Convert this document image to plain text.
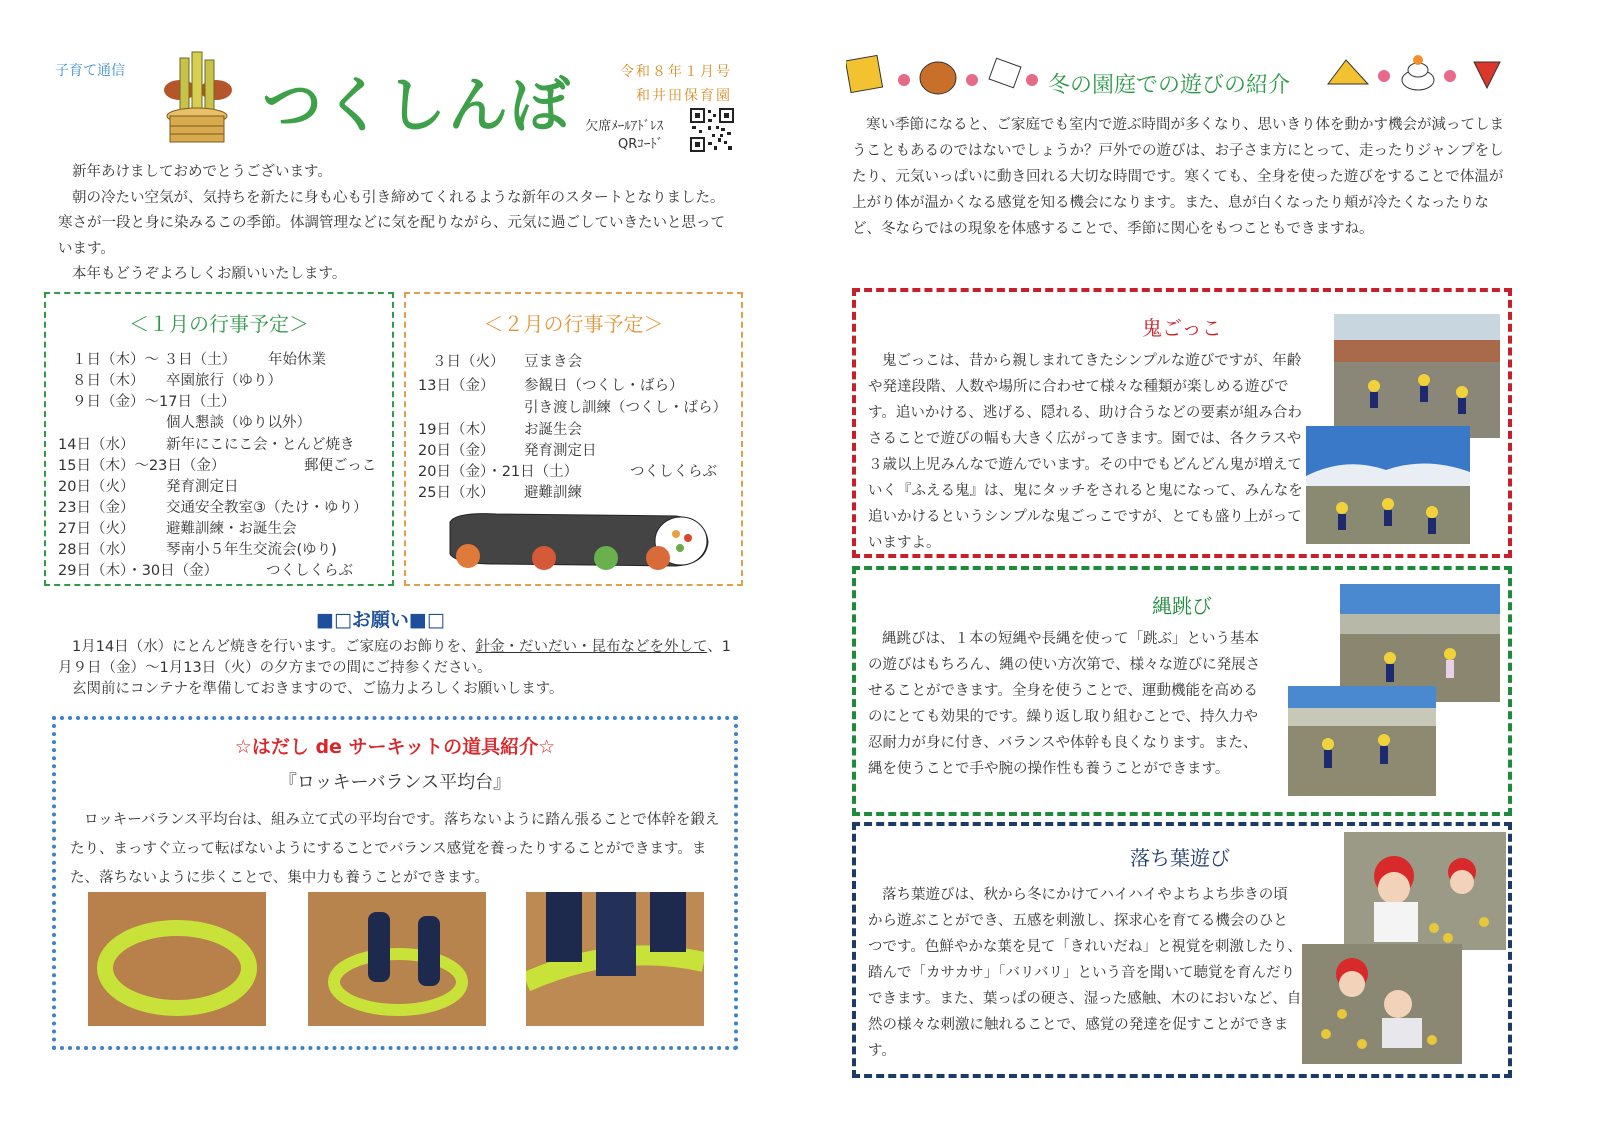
子育て通信 つくしんぼ	令和８年１月号
和井田保育園
欠席ﾒｰﾙｱﾄﾞﾚｽ
QRｺｰﾄﾞ

新年あけましておめでとうございます。

朝の冷たい空気が、気持ちを新たに身も心も引き締めてくれるような新年のスタートとなりました。寒さが一段と身に染みるこの季節。体調管理などに気を配りながら、元気に過ごしていきたいと思っています。

本年もどうぞよろしくお願いいたします。

＜１月の行事予定＞
１日（木）～ ３日（土） 年始休業
８日（木） 卒園旅行（ゆり）
９日（金）～17日（土）
個人懇談（ゆり以外）
14日（水） 新年にこにこ会・とんど焼き
15日（木）～23日（金）	郵便ごっこ
20日（火） 発育測定日
23日（金） 交通安全教室③（たけ・ゆり）
27日（火） 避難訓練・お誕生会
28日（水） 琴南小５年生交流会(ゆり)
29日（木）・30日（金）	つくしくらぶ
＜２月の行事予定＞
３日（火） 豆まき会
13日（金） 参観日（つくし・ばら）
引き渡し訓練（つくし・ばら）
19日（木） お誕生会
20日（金） 発育測定日
20日（金）・21日（土）	つくしくらぶ
25日（水） 避難訓練
■□お願い■□

1月14日（水）にとんど焼きを行います。ご家庭のお飾りを、針金・だいだい・昆布などを外して、1月９日（金）～1月13日（火）の夕方までの間にご持参ください。

玄関前にコンテナを準備しておきますので、ご協力よろしくお願いします。

☆はだし de サーキットの道具紹介☆
『ロッキーバランス平均台』

ロッキーバランス平均台は、組み立て式の平均台です。落ちないように踏ん張ることで体幹を鍛えたり、まっすぐ立って転ばないようにすることでバランス感覚を養ったりすることができます。また、落ちないように歩くことで、集中力も養うことができます。

冬の園庭での遊びの紹介

寒い季節になると、ご家庭でも室内で遊ぶ時間が多くなり、思いきり体を動かす機会が減ってしまうこともあるのではないでしょうか？戸外での遊びは、お子さま方にとって、走ったりジャンプをしたり、元気いっぱいに動き回れる大切な時間です。寒くても、全身を使った遊びをすることで体温が上がり体が温かくなる感覚を知る機会になります。また、息が白くなったり頬が冷たくなったりなど、冬ならではの現象を体感することで、季節に関心をもつこともできますね。

鬼ごっこ

鬼ごっこは、昔から親しまれてきたシンプルな遊びですが、年齢や発達段階、人数や場所に合わせて様々な種類が楽しめる遊びです。追いかける、逃げる、隠れる、助け合うなどの要素が組み合わさることで遊びの幅も大きく広がってきます。園では、各クラスや３歳以上児みんなで遊んでいます。その中でもどんどん鬼が増えていく『ふえる鬼』は、鬼にタッチをされると鬼になって、みんなを追いかけるというシンプルな鬼ごっこですが、とても盛り上がっていますよ。

縄跳び

縄跳びは、１本の短縄や長縄を使って「跳ぶ」という基本の遊びはもちろん、縄の使い方次第で、様々な遊びに発展させることができます。全身を使うことで、運動機能を高めるのにとても効果的です。繰り返し取り組むことで、持久力や忍耐力が身に付き、バランスや体幹も良くなります。また、縄を使うことで手や腕の操作性も養うことができます。

落ち葉遊び

落ち葉遊びは、秋から冬にかけてハイハイやよちよち歩きの頃から遊ぶことができ、五感を刺激し、探求心を育てる機会のひとつです。色鮮やかな葉を見て「きれいだね」と視覚を刺激したり、踏んで「カサカサ」「バリバリ」という音を聞いて聴覚を育んだりできます。また、葉っぱの硬さ、湿った感触、木のにおいなど、自然の様々な刺激に触れることで、感覚の発達を促すことができます。
